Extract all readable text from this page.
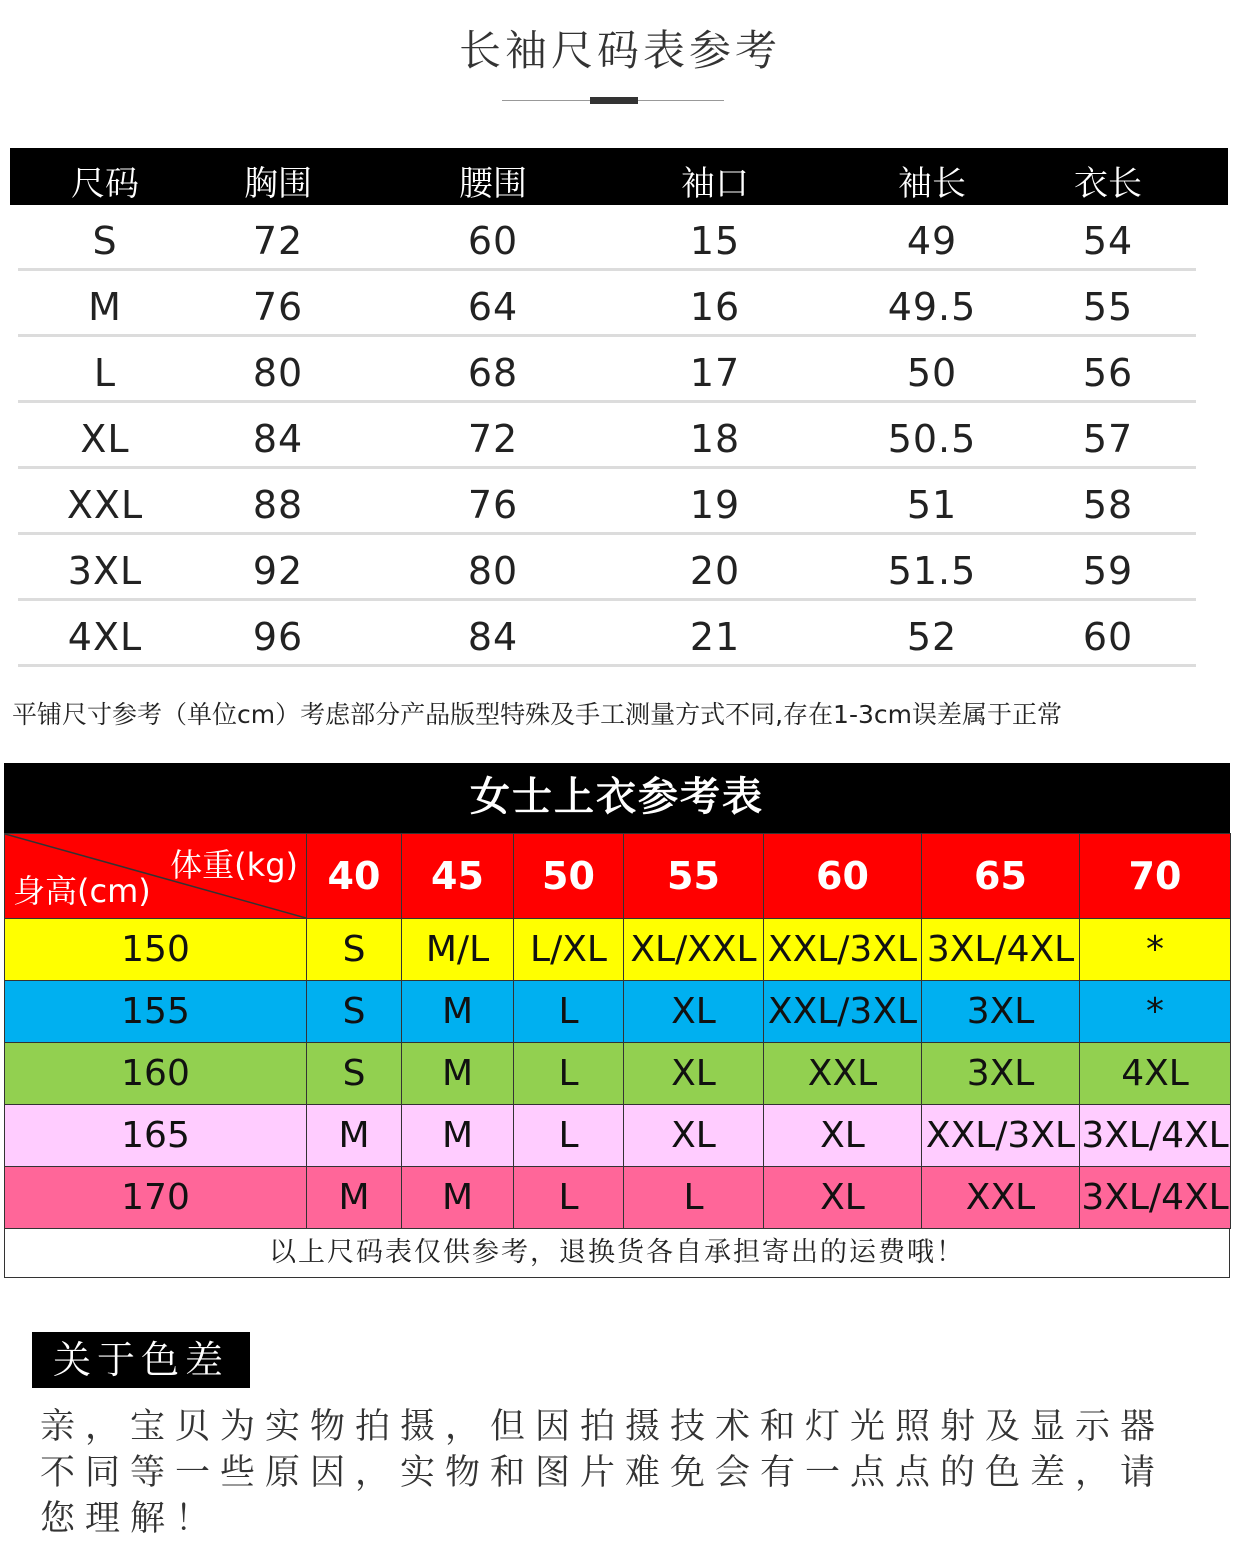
长袖尺码表参考
尺码	胸围	腰围	袖口	袖长	衣长
S	72	60	15	49	54
M	76	64	16	49.5	55
L	80	68	17	50	56
XL	84	72	18	50.5	57
XXL	88	76	19	51	58
3XL	92	80	20	51.5	59
4XL	96	84	21	52	60
平铺尺寸参考（单位cm）考虑部分产品版型特殊及手工测量方式不同,存在1-3cm误差属于正常
女士上衣参考表
体重(kg)
身高(cm)	40	45	50	55	60	65	70
150	S	M/L	L/XL	XL/XXL	XXL/3XL	3XL/4XL	*
155	S	M	L	XL	XXL/3XL	3XL	*
160	S	M	L	XL	XXL	3XL	4XL
165	M	M	L	XL	XL	XXL/3XL	3XL/4XL
170	M	M	L	L	XL	XXL	3XL/4XL
以上尺码表仅供参考，退换货各自承担寄出的运费哦！
关于色差
亲，宝贝为实物拍摄，但因拍摄技术和灯光照射及显示器不同等一些原因，实物和图片难免会有一点点的色差，请您理解！
